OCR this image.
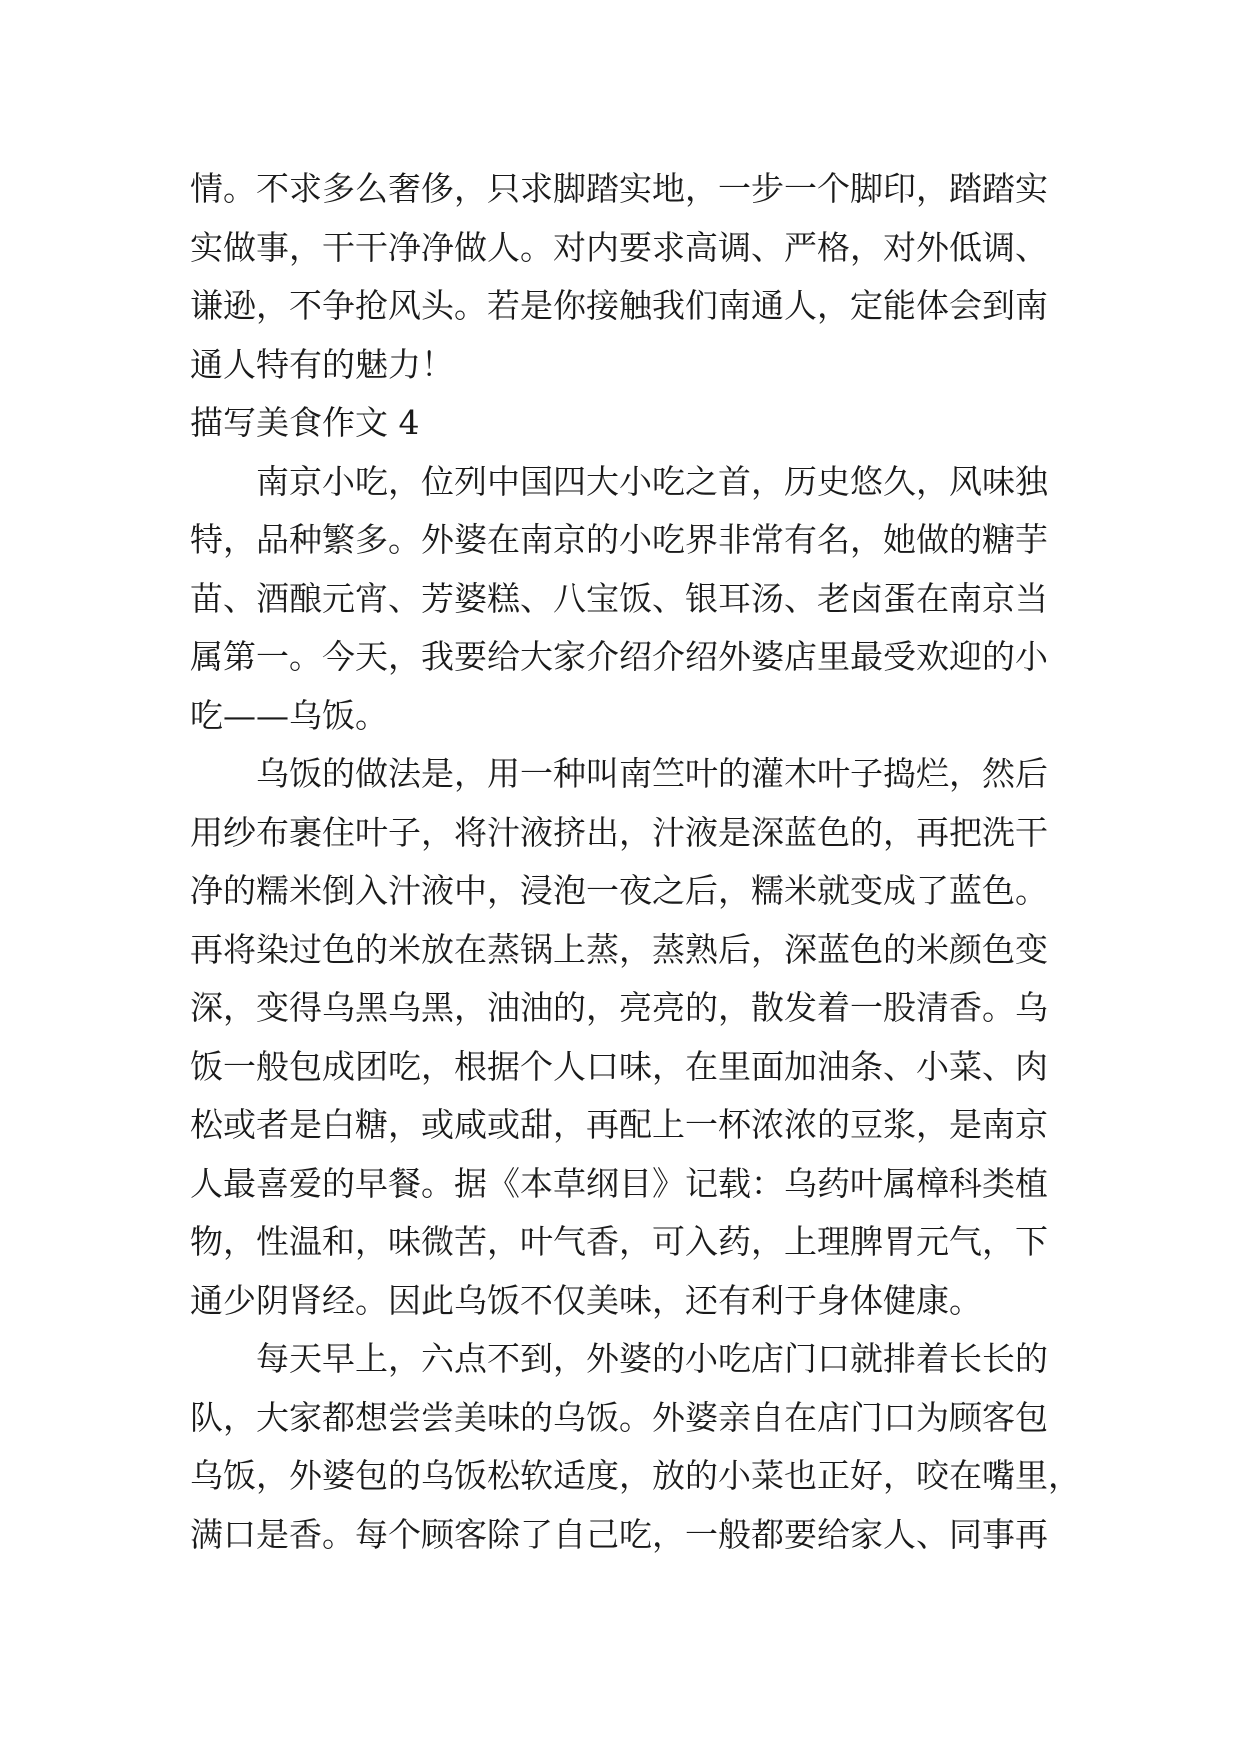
情。不求多么奢侈，只求脚踏实地，一步一个脚印，踏踏实
实做事，干干净净做人。对内要求高调、严格，对外低调、
谦逊，不争抢风头。若是你接触我们南通人，定能体会到南
通人特有的魅力！
描写美食作文 4
南京小吃，位列中国四大小吃之首，历史悠久，风味独
特，品种繁多。外婆在南京的小吃界非常有名，她做的糖芋
苗、酒酿元宵、芳婆糕、八宝饭、银耳汤、老卤蛋在南京当
属第一。今天，我要给大家介绍介绍外婆店里最受欢迎的小
吃——乌饭。
乌饭的做法是，用一种叫南竺叶的灌木叶子捣烂，然后
用纱布裹住叶子，将汁液挤出，汁液是深蓝色的，再把洗干
净的糯米倒入汁液中，浸泡一夜之后，糯米就变成了蓝色。
再将染过色的米放在蒸锅上蒸，蒸熟后，深蓝色的米颜色变
深，变得乌黑乌黑，油油的，亮亮的，散发着一股清香。乌
饭一般包成团吃，根据个人口味，在里面加油条、小菜、肉
松或者是白糖，或咸或甜，再配上一杯浓浓的豆浆，是南京
人最喜爱的早餐。据《本草纲目》记载：乌药叶属樟科类植
物，性温和，味微苦，叶气香，可入药，上理脾胃元气，下
通少阴肾经。因此乌饭不仅美味，还有利于身体健康。
每天早上，六点不到，外婆的小吃店门口就排着长长的
队，大家都想尝尝美味的乌饭。外婆亲自在店门口为顾客包
乌饭，外婆包的乌饭松软适度，放的小菜也正好，咬在嘴里，
满口是香。每个顾客除了自己吃，一般都要给家人、同事再
